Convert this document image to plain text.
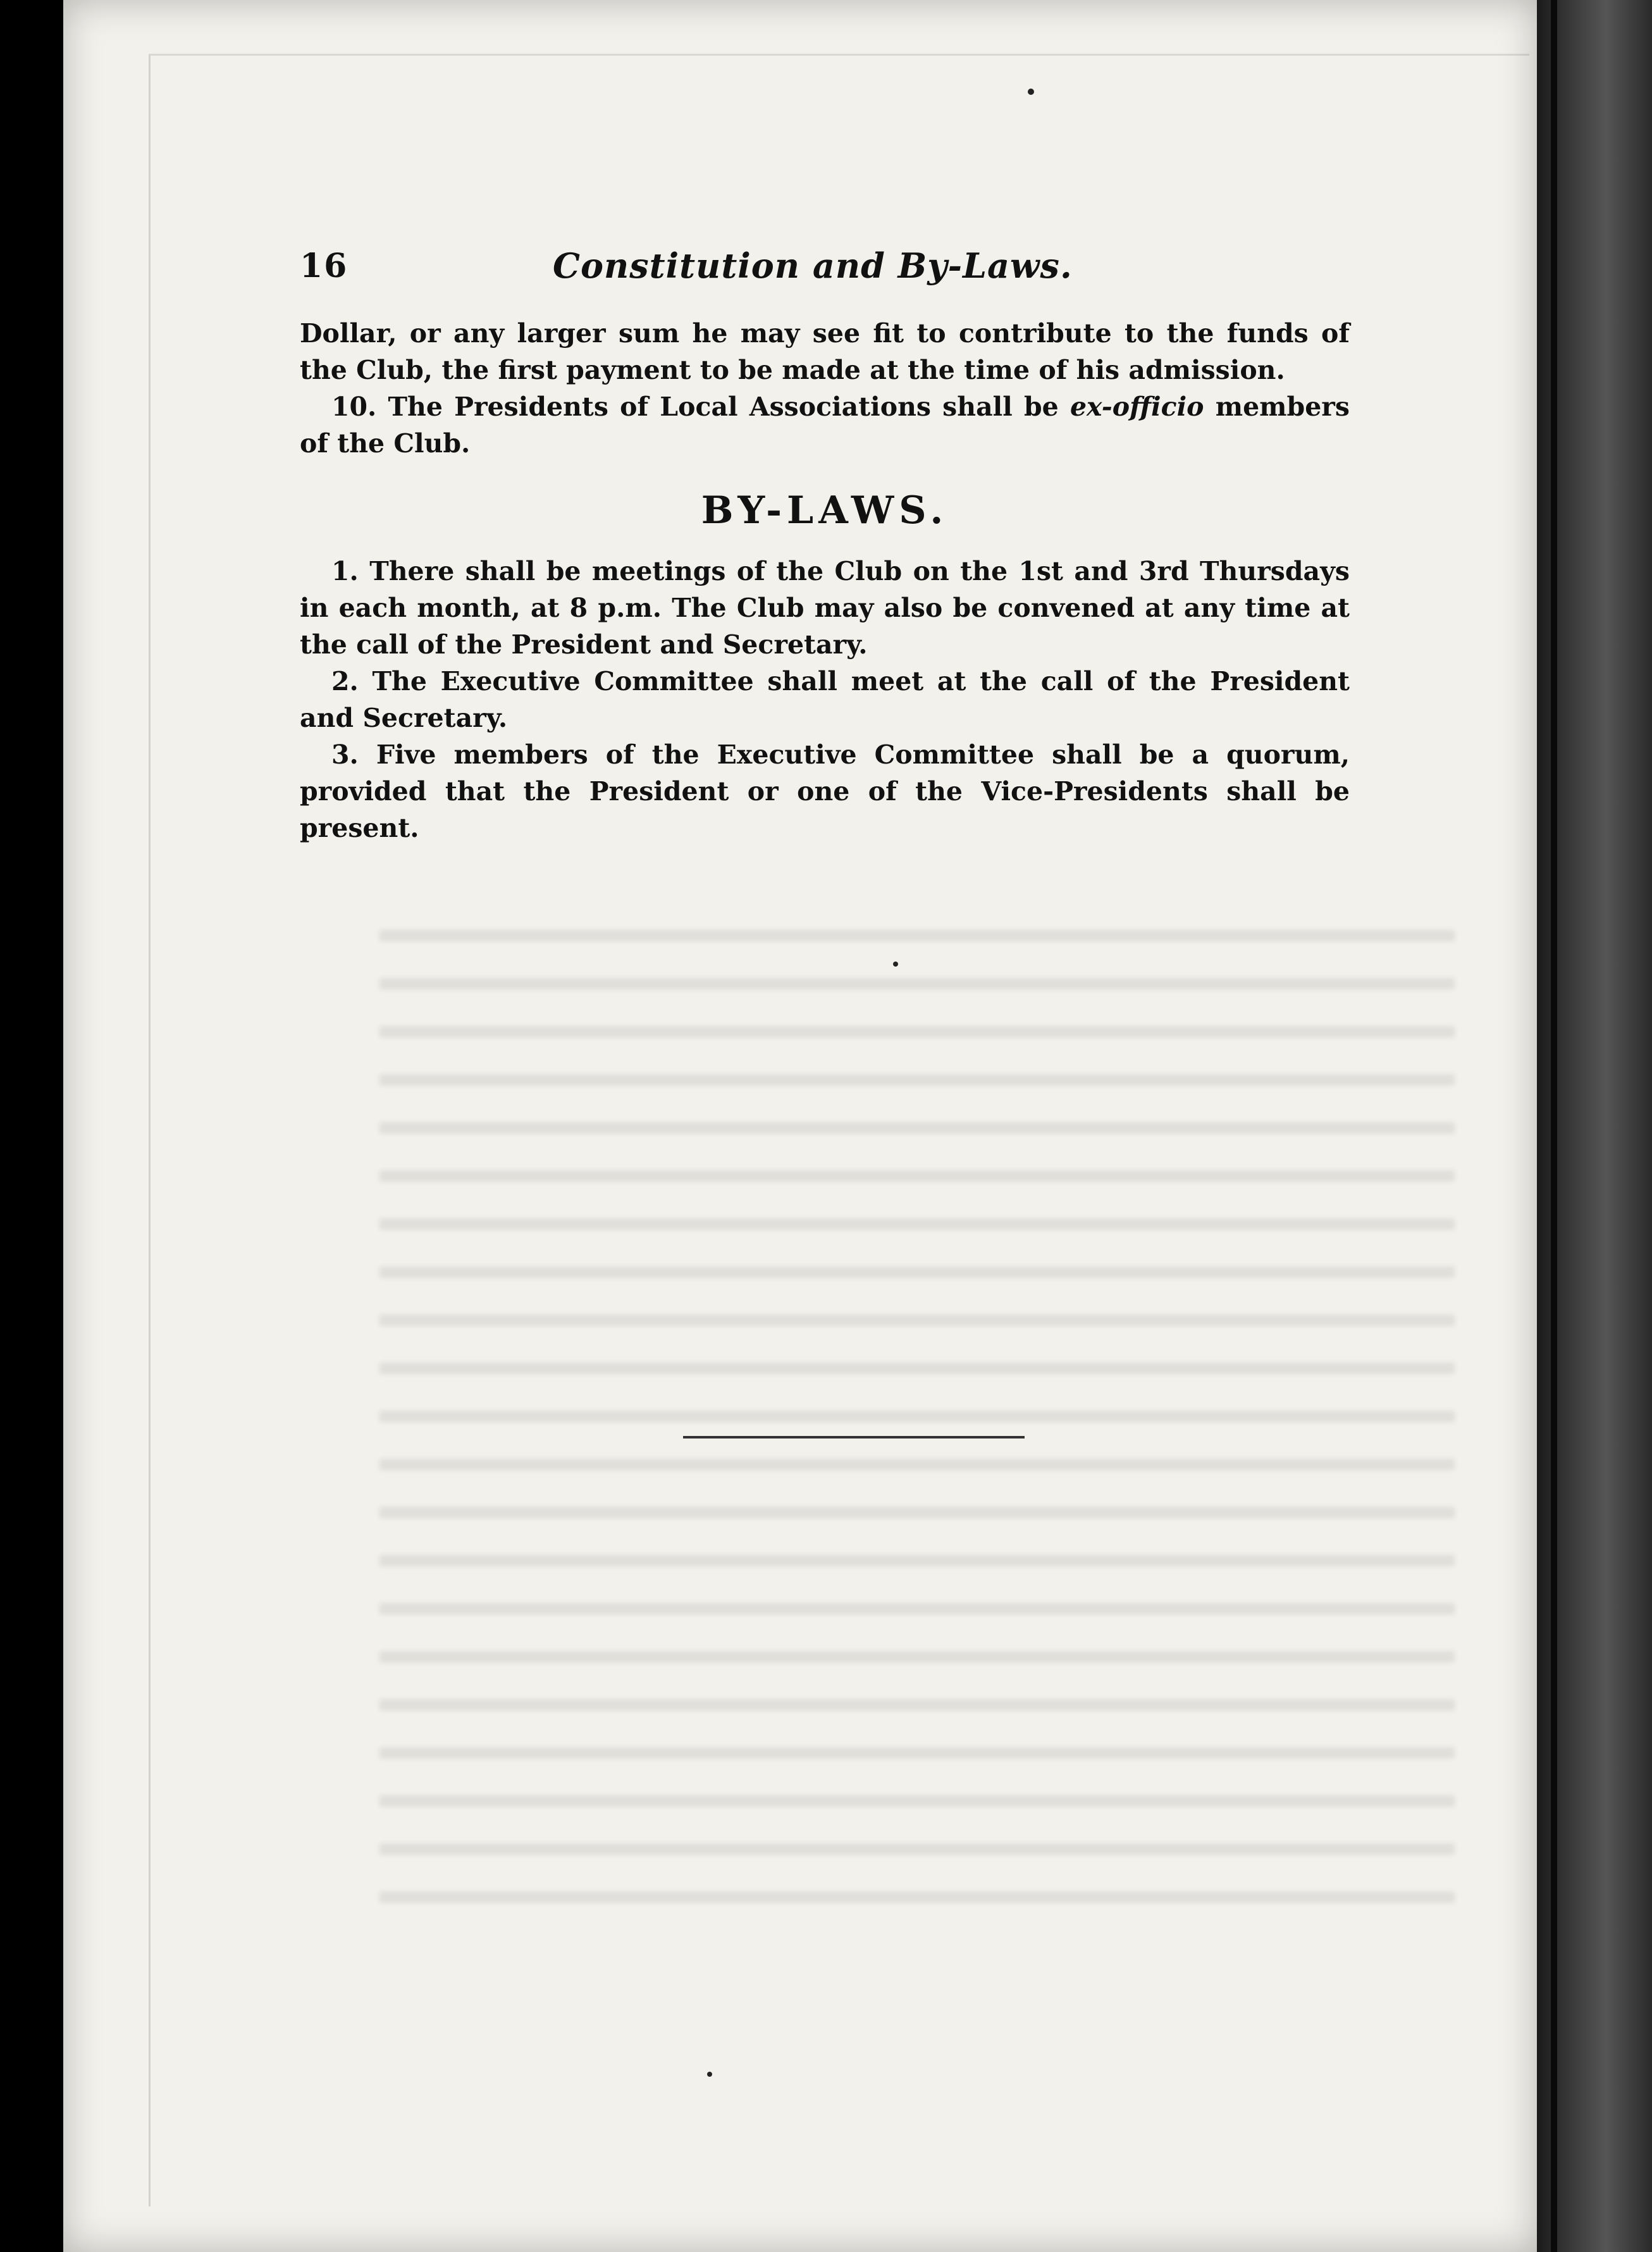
16	Constitution and By-Laws.
Dollar, or any larger sum he may see fit to contribute to the funds of the Club, the first payment to be made at the time of his admission.
10. The Presidents of Local Associations shall be ex-officio members of the Club.
BY-LAWS.
1. There shall be meetings of the Club on the 1st and 3rd Thursdays in each month, at 8 p.m. The Club may also be convened at any time at the call of the President and Secretary.
2. The Executive Committee shall meet at the call of the President and Secretary.
3. Five members of the Executive Committee shall be a quorum, provided that the President or one of the Vice-Presidents shall be present.
